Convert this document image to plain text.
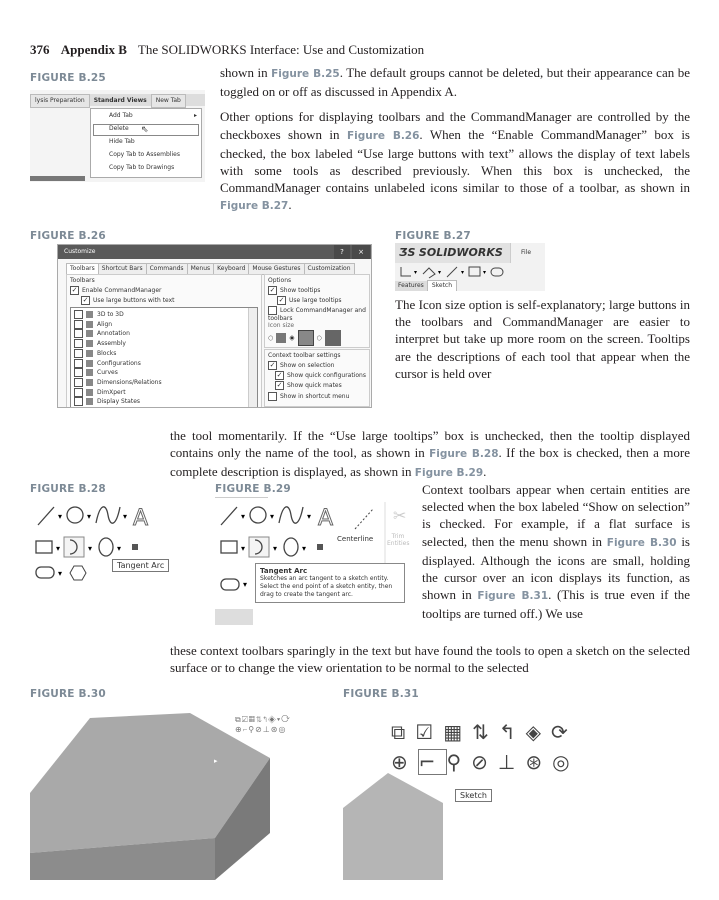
376 Appendix B The SOLIDWORKS Interface: Use and Customization

shown in Figure B.25. The default groups cannot be deleted, but their appearance can be toggled on or off as discussed in Appendix A.

Other options for displaying toolbars and the CommandManager are controlled by the checkboxes shown in Figure B.26. When the “Enable CommandManager” box is checked, the box labeled “Use large buttons with text” allows the display of text labels with some tools as described previously. When this box is unchecked, the CommandManager contains unlabeled icons similar to those of a toolbar, as shown in Figure B.27.

The Icon size option is self-explanatory; large buttons in the toolbars and CommandManager are easier to interpret but take up more room on the screen. Tooltips are the descriptions of each tool that appear when the cursor is held over

the tool momentarily. If the “Use large tooltips” box is unchecked, then the tooltip displayed contains only the name of the tool, as shown in Figure B.28. If the box is checked, then a more complete description is displayed, as shown in Figure B.29.

Context toolbars appear when certain entities are selected when the box labeled “Show on selection” is checked. For example, if a flat surface is selected, then the menu shown in Figure B.30 is displayed. Although the icons are small, holding the cursor over an icon displays its function, as shown in Figure B.31. (This is true even if the tooltips are turned off.) We use

these context toolbars sparingly in the text but have found the tools to open a sketch on the selected surface or to change the view orientation to be normal to the selected

FIGURE B.25
lysis Preparation Standard Views New Tab
Add Tab	▸
Delete ⇖
Hide Tab
Copy Tab to Assemblies
Copy Tab to Drawings
FIGURE B.26
Customize	?	×
Toolbars Shortcut Bars Commands Menus Keyboard Mouse Gestures Customization
Toolbars
✓ Enable CommandManager
✓ Use large buttons with text
3D to 3D
Align
Annotation
Assembly
Blocks
Configurations
Curves
Dimensions/Relations
DimXpert
Display States
Options
✓ Show tooltips
✓ Use large tooltips
Lock CommandManager and toolbars
Icon size
○	◉	○
Context toolbar settings
✓ Show on selection
✓ Show quick configurations
✓ Show quick mates
Show in shortcut menu
FIGURE B.27
ƷS SOLIDWORKS	File
▾	▾	▾	▾
Features Sketch
FIGURE B.28
▾	▾	▾ A
▾	▾	▾
▾
Tangent Arc
FIGURE B.29
▾	▾	▾ A
▾	▾	▾
▾
✂
Centerline	Trim Entities
Tangent Arc
Sketches an arc tangent to a sketch entity. Select the end point of a sketch entity, then drag to create the tangent arc.
FIGURE B.30
▸
⧉☑▦⇅↰◈▾⟳
⊕⌐⚲⊘⊥⊛◎
FIGURE B.31
⧉☑▦⇅↰◈⟳
⊕⌐⚲⊘⊥⊛◎
Sketch
